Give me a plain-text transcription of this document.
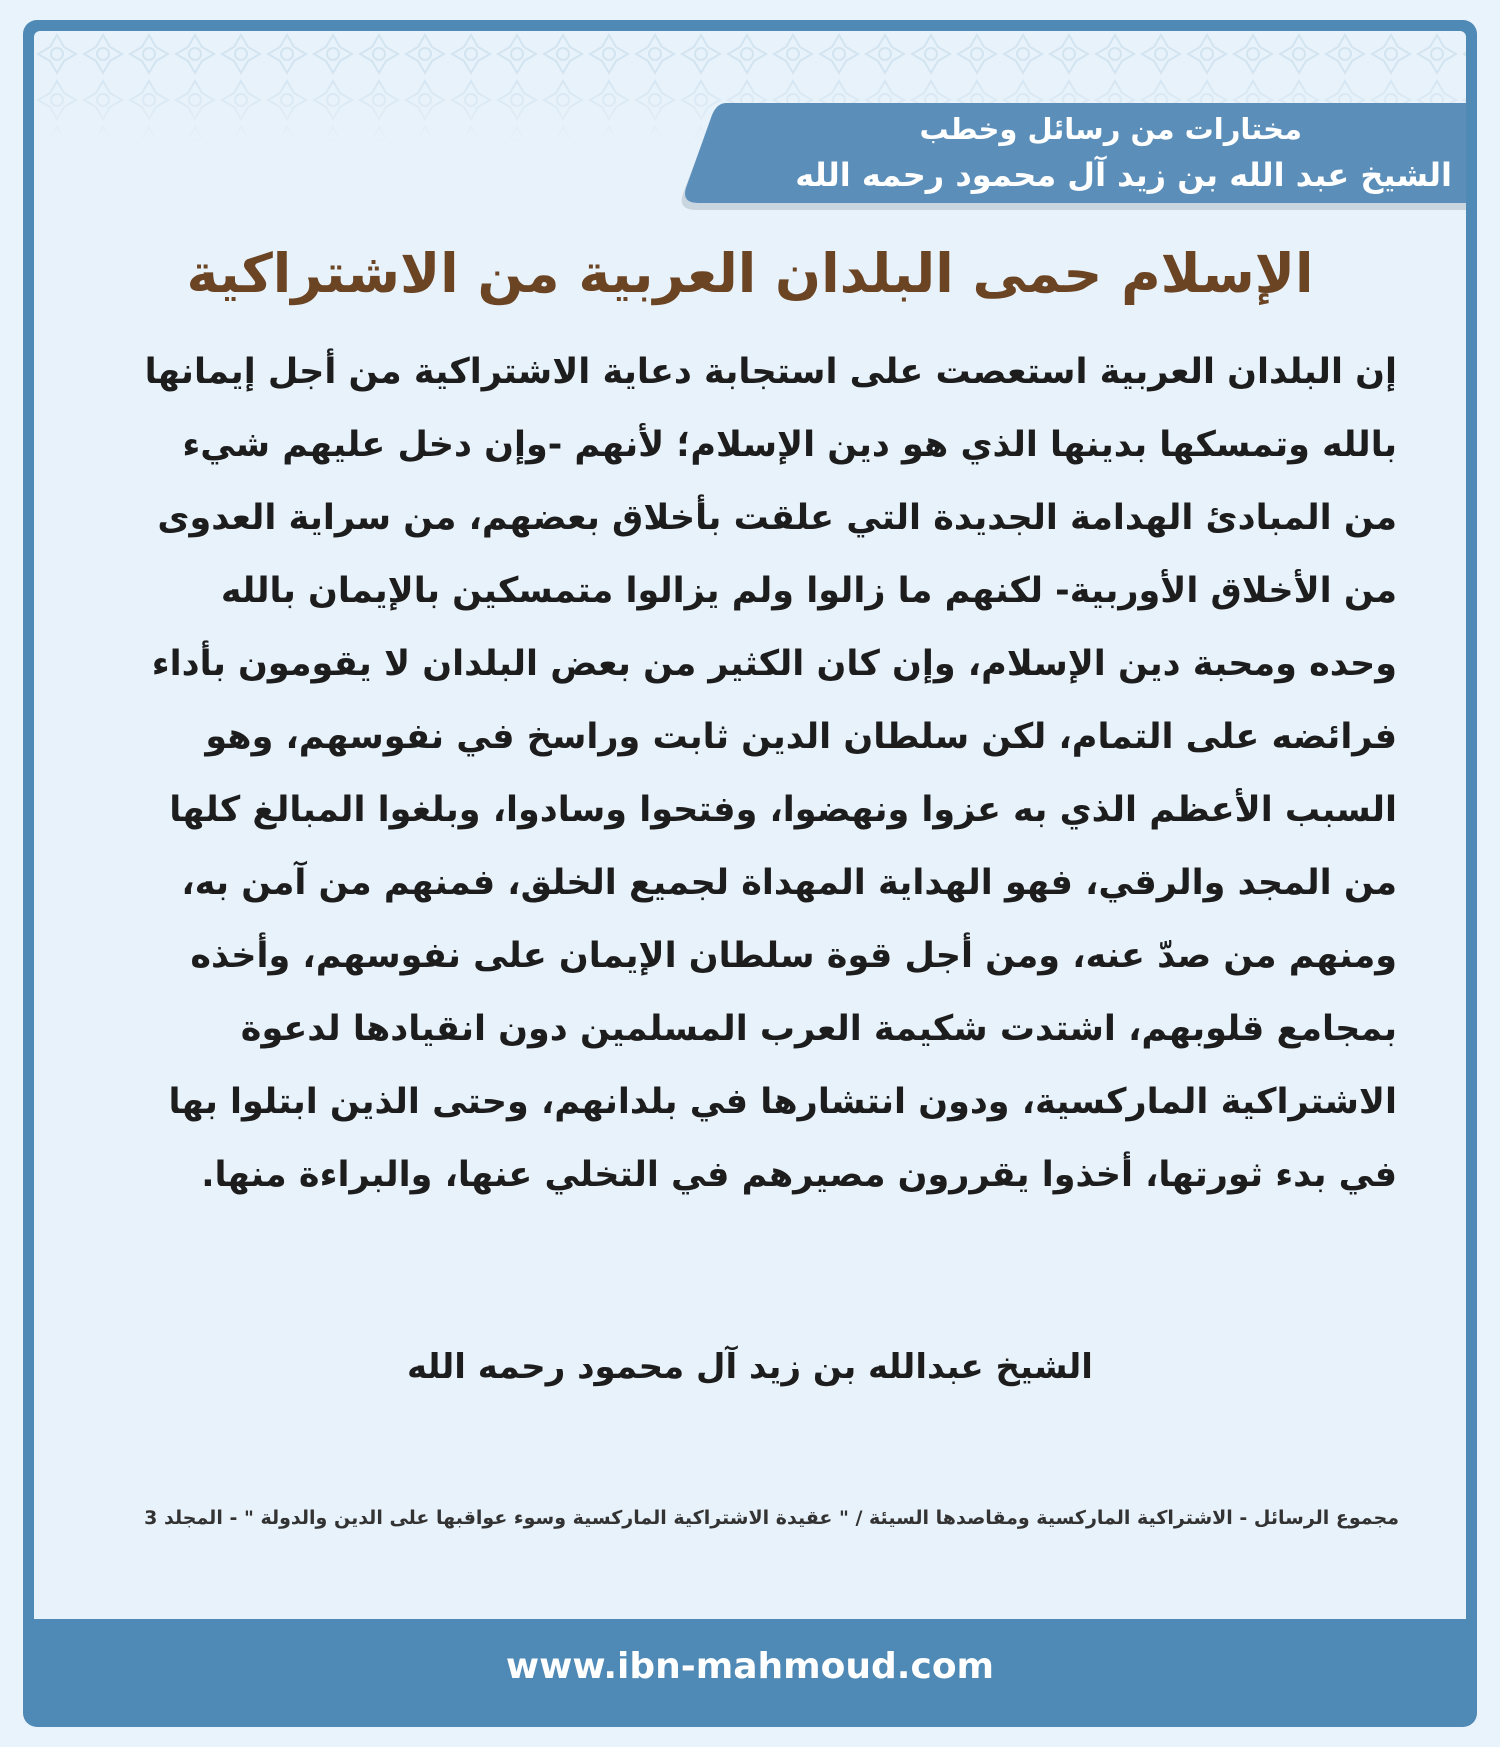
مختارات من رسائل وخطب
الشيخ عبد الله بن زيد آل محمود رحمه الله
الإسلام حمى البلدان العربية من الاشتراكية

إن البلدان العربية استعصت على استجابة دعاية الاشتراكية من أجل إيمانها بالله وتمسكها بدينها الذي هو دين الإسلام؛ لأنهم -وإن دخل عليهم شيء من المبادئ الهدامة الجديدة التي علقت بأخلاق بعضهم، من سراية العدوى من الأخلاق الأوربية- لكنهم ما زالوا ولم يزالوا متمسكين بالإيمان بالله وحده ومحبة دين الإسلام، وإن كان الكثير من بعض البلدان لا يقومون بأداء فرائضه على التمام، لكن سلطان الدين ثابت وراسخ في نفوسهم، وهو السبب الأعظم الذي به عزوا ونهضوا، وفتحوا وسادوا، وبلغوا المبالغ كلها من المجد والرقي، فهو الهداية المهداة لجميع الخلق، فمنهم من آمن به، ومنهم من صدّ عنه، ومن أجل قوة سلطان الإيمان على نفوسهم، وأخذه بمجامع قلوبهم، اشتدت شكيمة العرب المسلمين دون انقيادها لدعوة الاشتراكية الماركسية، ودون انتشارها في بلدانهم، وحتى الذين ابتلوا بها في بدء ثورتها، أخذوا يقررون مصيرهم في التخلي عنها، والبراءة منها.

الشيخ عبدالله بن زيد آل محمود رحمه الله

مجموع الرسائل - الاشتراكية الماركسية ومقاصدها السيئة / " عقيدة الاشتراكية الماركسية وسوء عواقبها على الدين والدولة " - المجلد 3

www.ibn-mahmoud.com
